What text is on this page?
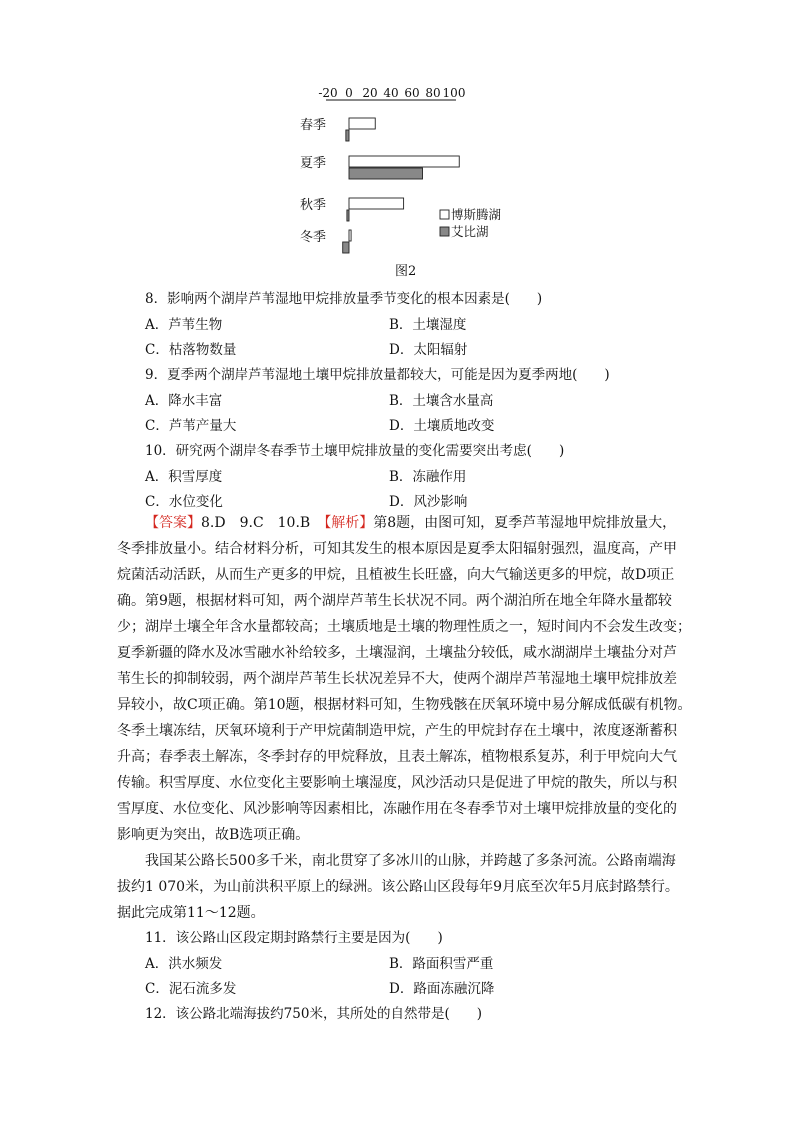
-20 0 20 40 60 80 100
春季
夏季
秋季
冬季
博斯腾湖
艾比湖
图2
8．影响两个湖岸芦苇湿地甲烷排放量季节变化的根本因素是(　　)
A．芦苇生物	B．土壤湿度
C．枯落物数量	D．太阳辐射
9．夏季两个湖岸芦苇湿地土壤甲烷排放量都较大，可能是因为夏季两地(　　)
A．降水丰富	B．土壤含水量高
C．芦苇产量大	D．土壤质地改变
10．研究两个湖岸冬春季节土壤甲烷排放量的变化需要突出考虑(　　)
A．积雪厚度	B．冻融作用
C．水位变化	D．风沙影响
【答案】8.D　9.C　10.B　【解析】第8题，由图可知，夏季芦苇湿地甲烷排放量大，
冬季排放量小。结合材料分析，可知其发生的根本原因是夏季太阳辐射强烈，温度高，产甲
烷菌活动活跃，从而生产更多的甲烷，且植被生长旺盛，向大气输送更多的甲烷，故D项正
确。第9题，根据材料可知，两个湖岸芦苇生长状况不同。两个湖泊所在地全年降水量都较
少；湖岸土壤全年含水量都较高；土壤质地是土壤的物理性质之一，短时间内不会发生改变；
夏季新疆的降水及冰雪融水补给较多，土壤湿润，土壤盐分较低，咸水湖湖岸土壤盐分对芦
苇生长的抑制较弱，两个湖岸芦苇生长状况差异不大，使两个湖岸芦苇湿地土壤甲烷排放差
异较小，故C项正确。第10题，根据材料可知，生物残骸在厌氧环境中易分解成低碳有机物。
冬季土壤冻结，厌氧环境利于产甲烷菌制造甲烷，产生的甲烷封存在土壤中，浓度逐渐蓄积
升高；春季表土解冻，冬季封存的甲烷释放，且表土解冻，植物根系复苏，利于甲烷向大气
传输。积雪厚度、水位变化主要影响土壤湿度，风沙活动只是促进了甲烷的散失，所以与积
雪厚度、水位变化、风沙影响等因素相比，冻融作用在冬春季节对土壤甲烷排放量的变化的
影响更为突出，故B选项正确。
我国某公路长500多千米，南北贯穿了多冰川的山脉，并跨越了多条河流。公路南端海
拔约1 070米，为山前洪积平原上的绿洲。该公路山区段每年9月底至次年5月底封路禁行。
据此完成第11～12题。
11．该公路山区段定期封路禁行主要是因为(　　)
A．洪水频发	B．路面积雪严重
C．泥石流多发	D．路面冻融沉降
12．该公路北端海拔约750米，其所处的自然带是(　　)
